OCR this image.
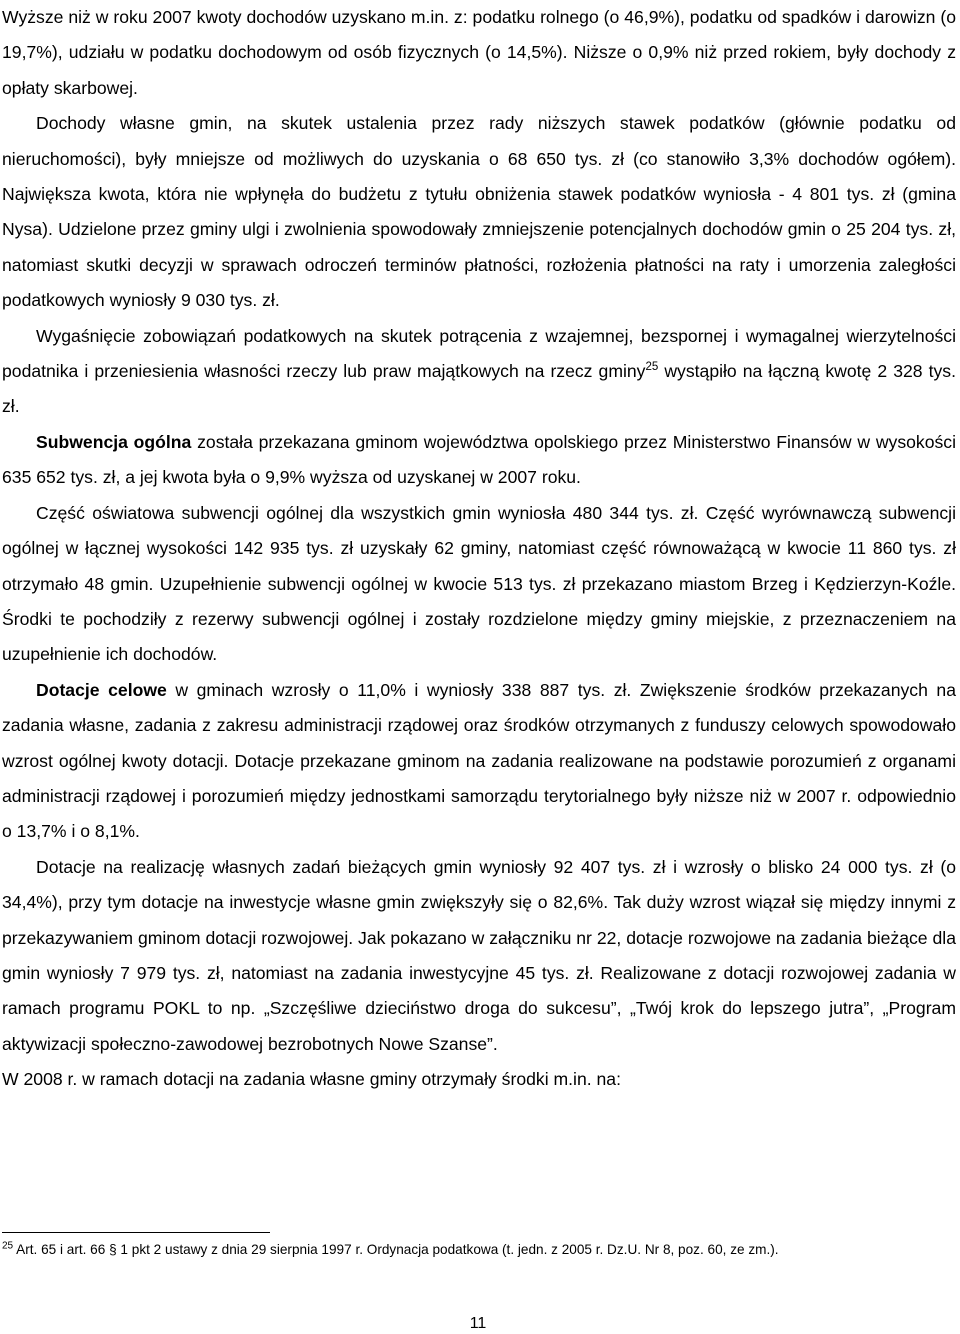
Wyższe niż w roku 2007 kwoty dochodów uzyskano m.in. z: podatku rolnego (o 46,9%), podatku od spadków i darowizn (o 19,7%), udziału w podatku dochodowym od osób fizycznych (o 14,5%). Niższe o 0,9% niż przed rokiem, były dochody z opłaty skarbowej.

Dochody własne gmin, na skutek ustalenia przez rady niższych stawek podatków (głównie podatku od nieruchomości), były mniejsze od możliwych do uzyskania o 68 650 tys. zł (co stanowiło 3,3% dochodów ogółem). Największa kwota, która nie wpłynęła do budżetu z tytułu obniżenia stawek podatków wyniosła - 4 801 tys. zł (gmina Nysa). Udzielone przez gminy ulgi i zwolnienia spowodowały zmniejszenie potencjalnych dochodów gmin o 25 204 tys. zł, natomiast skutki decyzji w sprawach odroczeń terminów płatności, rozłożenia płatności na raty i umorzenia zaległości podatkowych wyniosły 9 030 tys. zł.

Wygaśnięcie zobowiązań podatkowych na skutek potrącenia z wzajemnej, bezspornej i wymagalnej wierzytelności podatnika i przeniesienia własności rzeczy lub praw majątkowych na rzecz gminy$^{25}$ wystąpiło na łączną kwotę 2 328 tys. zł.

Subwencja ogólna została przekazana gminom województwa opolskiego przez Ministerstwo Finansów w wysokości 635 652 tys. zł, a jej kwota była o 9,9% wyższa od uzyskanej w 2007 roku.

Część oświatowa subwencji ogólnej dla wszystkich gmin wyniosła 480 344 tys. zł. Część wyrównawczą subwencji ogólnej w łącznej wysokości 142 935 tys. zł uzyskały 62 gminy, natomiast część równoważącą w kwocie 11 860 tys. zł otrzymało 48 gmin. Uzupełnienie subwencji ogólnej w kwocie 513 tys. zł przekazano miastom Brzeg i Kędzierzyn-Koźle. Środki te pochodziły z rezerwy subwencji ogólnej i zostały rozdzielone między gminy miejskie, z przeznaczeniem na uzupełnienie ich dochodów.

Dotacje celowe w gminach wzrosły o 11,0% i wyniosły 338 887 tys. zł. Zwiększenie środków przekazanych na zadania własne, zadania z zakresu administracji rządowej oraz środków otrzymanych z funduszy celowych spowodowało wzrost ogólnej kwoty dotacji. Dotacje przekazane gminom na zadania realizowane na podstawie porozumień z organami administracji rządowej i porozumień między jednostkami samorządu terytorialnego były niższe niż w 2007 r. odpowiednio o 13,7% i o 8,1%.

Dotacje na realizację własnych zadań bieżących gmin wyniosły 92 407 tys. zł i wzrosły o blisko 24 000 tys. zł (o 34,4%), przy tym dotacje na inwestycje własne gmin zwiększyły się o 82,6%. Tak duży wzrost wiązał się między innymi z przekazywaniem gminom dotacji rozwojowej. Jak pokazano w załączniku nr 22, dotacje rozwojowe na zadania bieżące dla gmin wyniosły 7 979 tys. zł, natomiast na zadania inwestycyjne 45 tys. zł. Realizowane z dotacji rozwojowej zadania w ramach programu POKL to np. „Szczęśliwe dzieciństwo droga do sukcesu”, „Twój krok do lepszego jutra”, „Program aktywizacji społeczno-zawodowej bezrobotnych Nowe Szanse”.

W 2008 r. w ramach dotacji na zadania własne gminy otrzymały środki m.in. na:

$^{25}$ Art. 65 i art. 66 § 1 pkt 2 ustawy z dnia 29 sierpnia 1997 r. Ordynacja podatkowa (t. jedn. z 2005 r. Dz.U. Nr 8, poz. 60, ze zm.).
11
